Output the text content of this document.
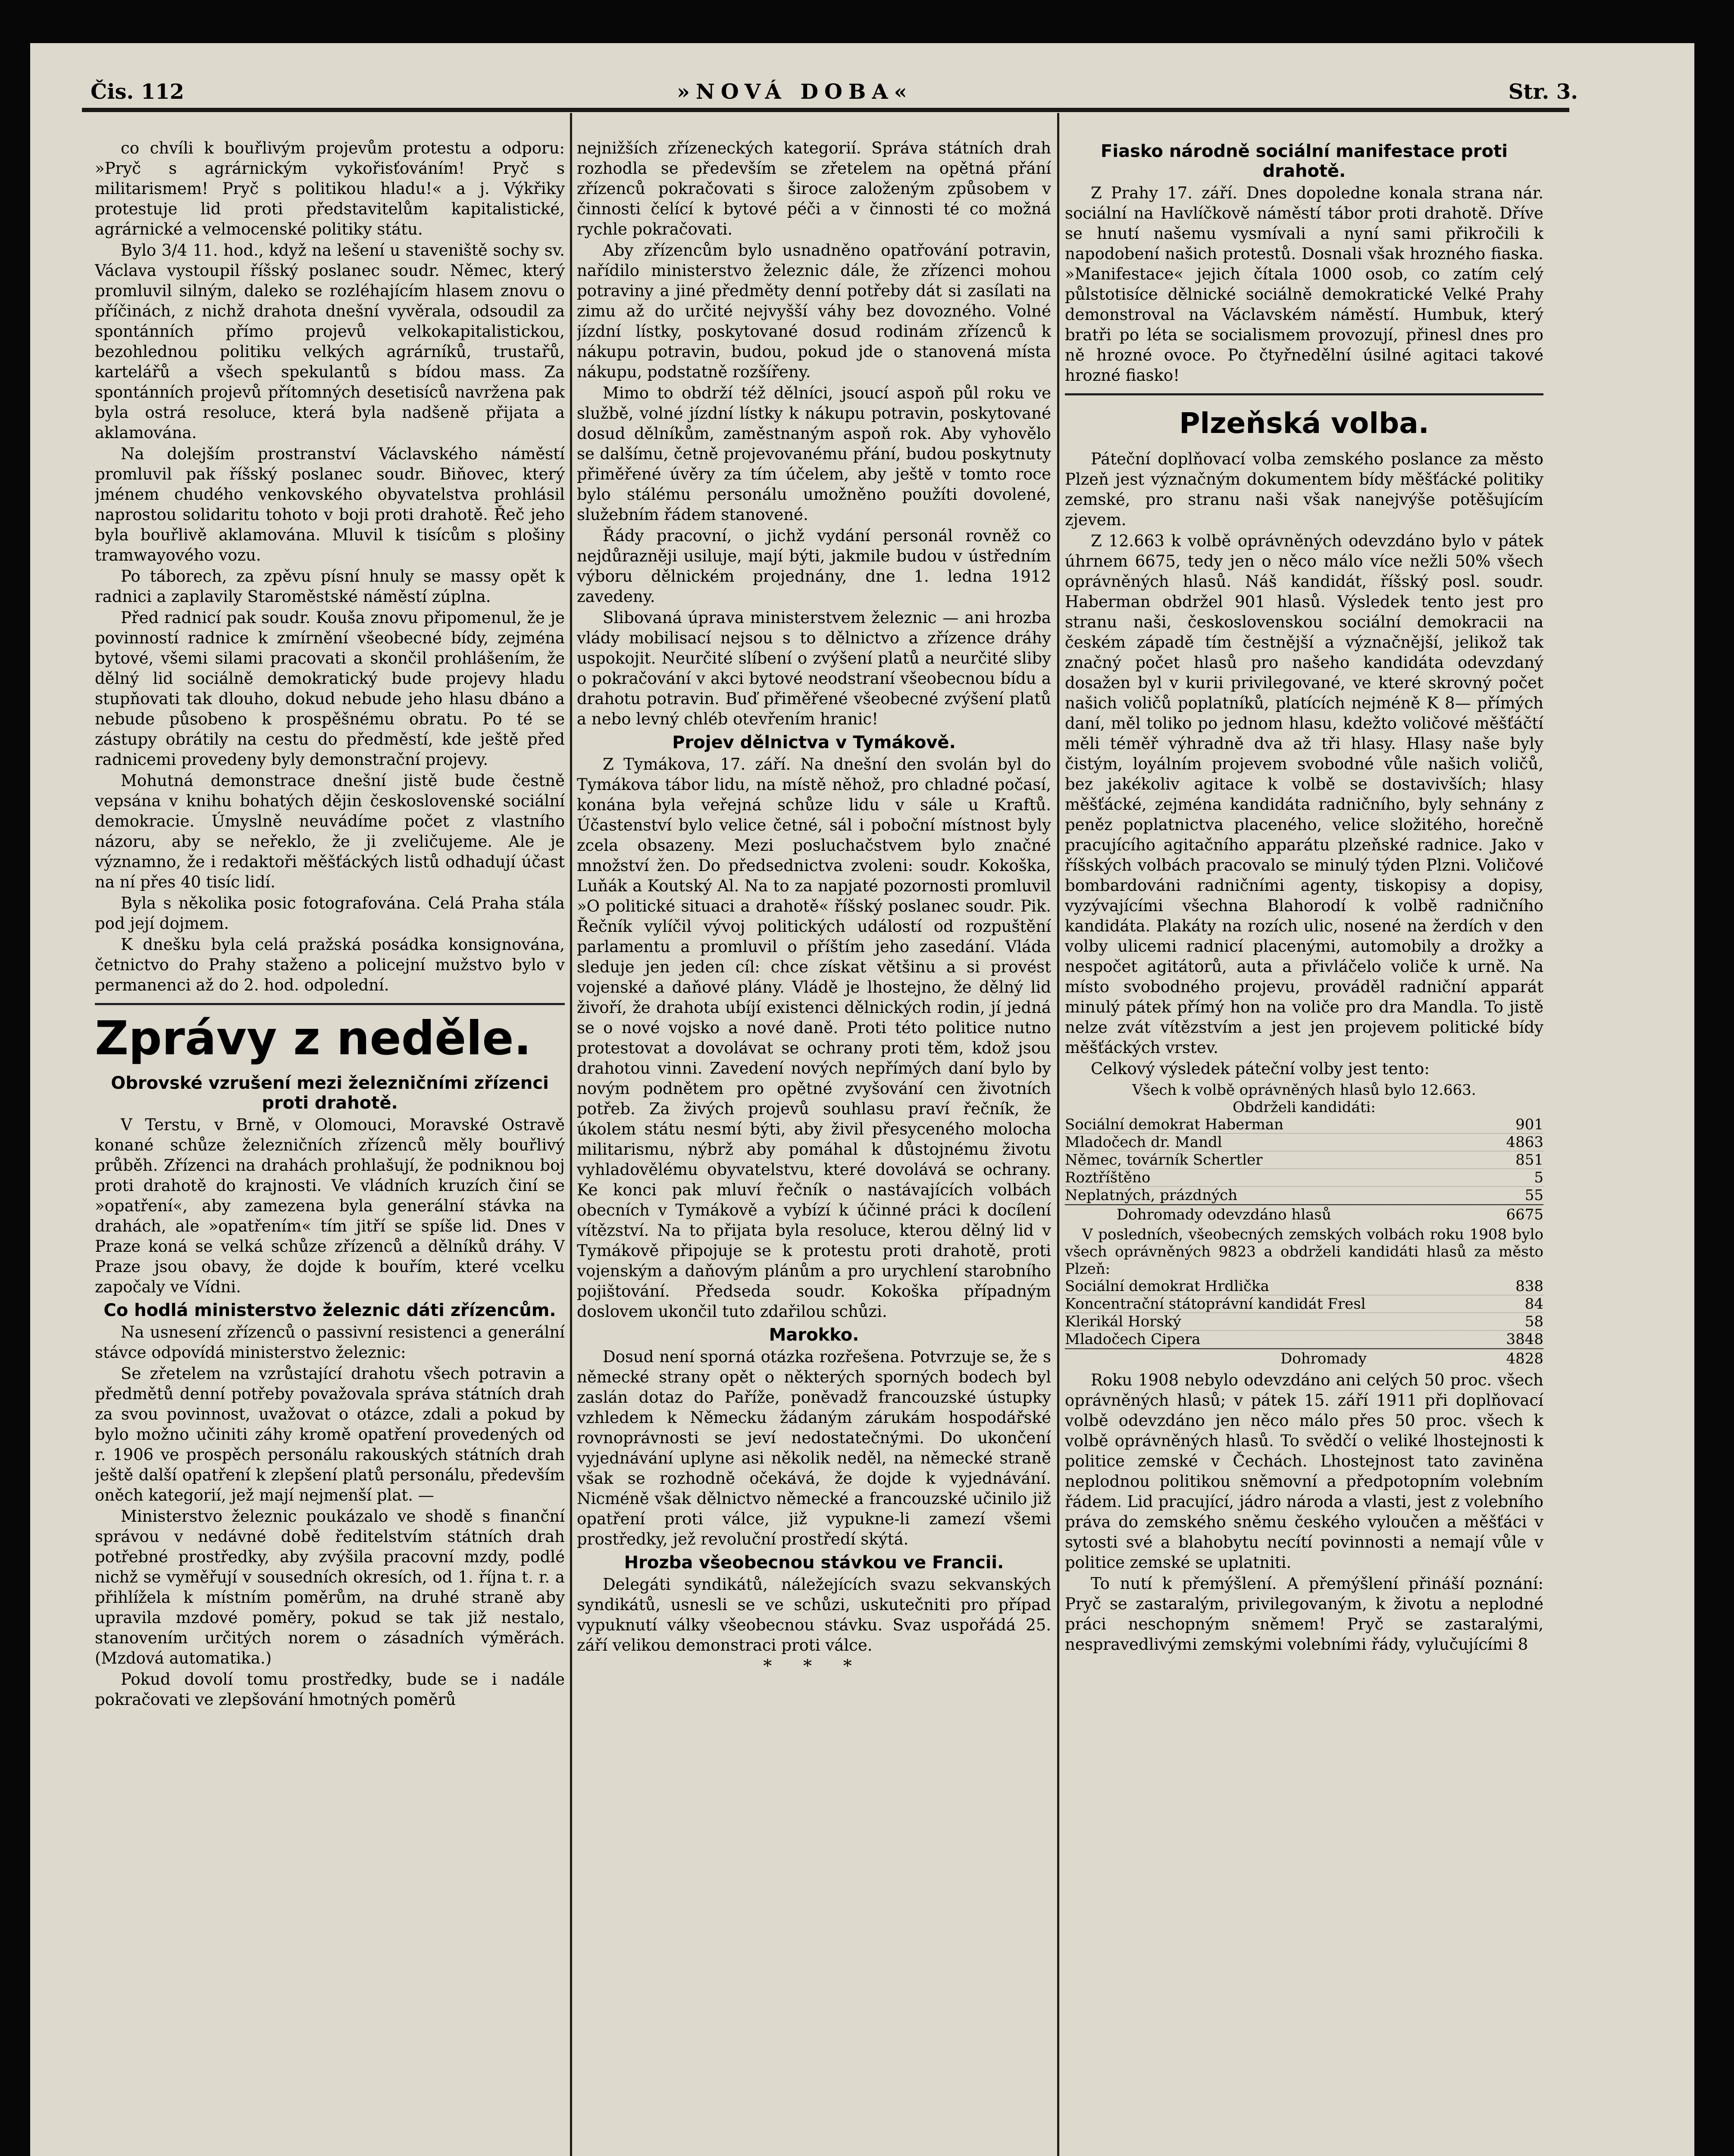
Čis. 112	»NOVÁ DOBA«	Str. 3.

co chvíli k bouřlivým projevům protestu a odporu: »Pryč s agrárnickým vykořisťováním! Pryč s militarismem! Pryč s politikou hladu!« a j. Výkřiky protestuje lid proti představitelům kapitalistické, agrárnické a velmocenské politiky státu.

Bylo 3/4 11. hod., když na lešení u staveniště sochy sv. Václava vystoupil říšský poslanec soudr. Němec, který promluvil silným, daleko se rozléhajícím hlasem znovu o příčinách, z nichž drahota dnešní vyvěrala, odsoudil za spontánních přímo projevů velkokapitalistickou, bezohlednou politiku velkých agrárníků, trustařů, kartelářů a všech spekulantů s bídou mass. Za spontánních projevů přítomných desetisíců navržena pak byla ostrá resoluce, která byla nadšeně přijata a aklamována.

Na dolejším prostranství Václavského náměstí promluvil pak říšský poslanec soudr. Biňovec, který jménem chudého venkovského obyvatelstva prohlásil naprostou solidaritu tohoto v boji proti drahotě. Řeč jeho byla bouřlivě aklamována. Mluvil k tisícům s plošiny tramwayového vozu.

Po táborech, za zpěvu písní hnuly se massy opět k radnici a zaplavily Staroměstské náměstí zúplna.

Před radnicí pak soudr. Kouša znovu připomenul, že je povinností radnice k zmírnění všeobecné bídy, zejména bytové, všemi silami pracovati a skončil prohlášením, že dělný lid sociálně demokratický bude projevy hladu stupňovati tak dlouho, dokud nebude jeho hlasu dbáno a nebude působeno k prospěšnému obratu. Po té se zástupy obrátily na cestu do předměstí, kde ještě před radnicemi provedeny byly demonstrační projevy.

Mohutná demonstrace dnešní jistě bude čestně vepsána v knihu bohatých dějin československé sociální demokracie. Úmyslně neuvádíme počet z vlastního názoru, aby se neřeklo, že ji zveličujeme. Ale je významno, že i redaktoři měšťáckých listů odhadují účast na ní přes 40 tisíc lidí.

Byla s několika posic fotografována. Celá Praha stála pod její dojmem.

K dnešku byla celá pražská posádka konsignována, četnictvo do Prahy staženo a policejní mužstvo bylo v permanenci až do 2. hod. odpolední.

Zprávy z neděle.
Obrovské vzrušení mezi železničními zřízenci proti drahotě.

V Terstu, v Brně, v Olomouci, Moravské Ostravě konané schůze železničních zřízenců měly bouřlivý průběh. Zřízenci na drahách prohlašují, že podniknou boj proti drahotě do krajnosti. Ve vládních kruzích činí se »opatření«, aby zamezena byla generální stávka na drahách, ale »opatřením« tím jitří se spíše lid. Dnes v Praze koná se velká schůze zřízenců a dělníků dráhy. V Praze jsou obavy, že dojde k bouřím, které vcelku započaly ve Vídni.

Co hodlá ministerstvo železnic dáti zřízencům.

Na usnesení zřízenců o passivní resistenci a generální stávce odpovídá ministerstvo železnic:

Se zřetelem na vzrůstající drahotu všech potravin a předmětů denní potřeby považovala správa státních drah za svou povinnost, uvažovat o otázce, zdali a pokud by bylo možno učiniti záhy kromě opatření provedených od r. 1906 ve prospěch personálu rakouských státních drah ještě další opatření k zlepšení platů personálu, především oněch kategorií, jež mají nejmenší plat. —

Ministerstvo železnic poukázalo ve shodě s finanční správou v nedávné době ředitelstvím státních drah potřebné prostředky, aby zvýšila pracovní mzdy, podlé nichž se vyměřují v sousedních okresích, od 1. října t. r. a přihlížela k místním poměrům, na druhé straně aby upravila mzdové poměry, pokud se tak již nestalo, stanovením určitých norem o zásadních výměrách. (Mzdová automatika.)

Pokud dovolí tomu prostředky, bude se i nadále pokračovati ve zlepšování hmotných poměrů

nejnižších zřízeneckých kategorií. Správa státních drah rozhodla se především se zřetelem na opětná přání zřízenců pokračovati s široce založeným způsobem v činnosti čelící k bytové péči a v činnosti té co možná rychle pokračovati.

Aby zřízencům bylo usnadněno opatřování potravin, nařídilo ministerstvo železnic dále, že zřízenci mohou potraviny a jiné předměty denní potřeby dát si zasílati na zimu až do určité nejvyšší váhy bez dovozného. Volné jízdní lístky, poskytované dosud rodinám zřízenců k nákupu potravin, budou, pokud jde o stanovená místa nákupu, podstatně rozšířeny.

Mimo to obdrží též dělníci, jsoucí aspoň půl roku ve službě, volné jízdní lístky k nákupu potravin, poskytované dosud dělníkům, zaměstnaným aspoň rok. Aby vyhovělo se dalšímu, četně projevovanému přání, budou poskytnuty přiměřené úvěry za tím účelem, aby ještě v tomto roce bylo stálému personálu umožněno použíti dovolené, služebním řádem stanovené.

Řády pracovní, o jichž vydání personál rovněž co nejdůrazněji usiluje, mají býti, jakmile budou v ústředním výboru dělnickém projednány, dne 1. ledna 1912 zavedeny.

Slibovaná úprava ministerstvem železnic — ani hrozba vlády mobilisací nejsou s to dělnictvo a zřízence dráhy uspokojit. Neurčité slíbení o zvýšení platů a neurčité sliby o pokračování v akci bytové neodstraní všeobecnou bídu a drahotu potravin. Buď přiměřené všeobecné zvýšení platů a nebo levný chléb otevřením hranic!

Projev dělnictva v Tymákově.

Z Tymákova, 17. září. Na dnešní den svolán byl do Tymákova tábor lidu, na místě něhož, pro chladné počasí, konána byla veřejná schůze lidu v sále u Kraftů. Účastenství bylo velice četné, sál i poboční místnost byly zcela obsazeny. Mezi posluchačstvem bylo značné množství žen. Do předsednictva zvoleni: soudr. Kokoška, Luňák a Koutský Al. Na to za napjaté pozornosti promluvil »O politické situaci a drahotě« říšský poslanec soudr. Pik. Řečník vylíčil vývoj politických událostí od rozpuštění parlamentu a promluvil o příštím jeho zasedání. Vláda sleduje jen jeden cíl: chce získat většinu a si provést vojenské a daňové plány. Vládě je lhostejno, že dělný lid živoří, že drahota ubíjí existenci dělnických rodin, jí jedná se o nové vojsko a nové daně. Proti této politice nutno protestovat a dovolávat se ochrany proti těm, kdož jsou drahotou vinni. Zavedení nových nepřímých daní bylo by novým podnětem pro opětné zvyšování cen životních potřeb. Za živých projevů souhlasu praví řečník, že úkolem státu nesmí býti, aby živil přesyceného molocha militarismu, nýbrž aby pomáhal k důstojnému životu vyhladovělému obyvatelstvu, které dovolává se ochrany. Ke konci pak mluví řečník o nastávajících volbách obecních v Tymákově a vybízí k účinné práci k docílení vítězství. Na to přijata byla resoluce, kterou dělný lid v Tymákově připojuje se k protestu proti drahotě, proti vojenským a daňovým plánům a pro urychlení starobního pojištování. Předseda soudr. Kokoška případným doslovem ukončil tuto zdařilou schůzi.

Marokko.

Dosud není sporná otázka rozřešena. Potvrzuje se, že s německé strany opět o některých sporných bodech byl zaslán dotaz do Paříže, poněvadž francouzské ústupky vzhledem k Německu žádaným zárukám hospodářské rovnoprávnosti se jeví nedostatečnými. Do ukončení vyjednávání uplyne asi několik neděl, na německé straně však se rozhodně očekává, že dojde k vyjednávání. Nicméně však dělnictvo německé a francouzské učinilo již opatření proti válce, již vypukne-li zamezí všemi prostředky, jež revoluční prostředí skýtá.

Hrozba všeobecnou stávkou ve Francii.

Delegáti syndikátů, náležejících svazu sekvanských syndikátů, usnesli se ve schůzi, uskutečniti pro případ vypuknutí války všeobecnou stávku. Svaz uspořádá 25. září velikou demonstraci proti válce.

* * *
Fiasko národně sociální manifestace proti drahotě.

Z Prahy 17. září. Dnes dopoledne konala strana nár. sociální na Havlíčkově náměstí tábor proti drahotě. Dříve se hnutí našemu vysmívali a nyní sami přikročili k napodobení našich protestů. Dosnali však hrozného fiaska. »Manifestace« jejich čítala 1000 osob, co zatím celý půlstotisíce dělnické sociálně demokratické Velké Prahy demonstroval na Václavském náměstí. Humbuk, který bratři po léta se socialismem provozují, přinesl dnes pro ně hrozné ovoce. Po čtyřnedělní úsilné agitaci takové hrozné fiasko!

Plzeňská volba.

Páteční doplňovací volba zemského poslance za město Plzeň jest význačným dokumentem bídy měšťácké politiky zemské, pro stranu naši však nanejvýše potěšujícím zjevem.

Z 12.663 k volbě oprávněných odevzdáno bylo v pátek úhrnem 6675, tedy jen o něco málo více nežli 50% všech oprávněných hlasů. Náš kandidát, říšský posl. soudr. Haberman obdržel 901 hlasů. Výsledek tento jest pro stranu naši, československou sociální demokracii na českém západě tím čestnější a význačnější, jelikož tak značný počet hlasů pro našeho kandidáta odevzdaný dosažen byl v kurii privilegované, ve které skrovný počet našich voličů poplatníků, platících nejméně K 8— přímých daní, měl toliko po jednom hlasu, kdežto voličové měšťáčtí měli téměř výhradně dva až tři hlasy. Hlasy naše byly čistým, loyálním projevem svobodné vůle našich voličů, bez jakékoliv agitace k volbě se dostavivších; hlasy měšťácké, zejména kandidáta radničního, byly sehnány z peněz poplatnictva placeného, velice složitého, horečně pracujícího agitačního apparátu plzeňské radnice. Jako v říšských volbách pracovalo se minulý týden Plzni. Voličové bombardováni radničními agenty, tiskopisy a dopisy, vyzývajícími všechna Blahorodí k volbě radničního kandidáta. Plakáty na rozích ulic, nosené na žerdích v den volby ulicemi radnicí placenými, automobily a drožky a nespočet agitátorů, auta a přivláčelo voliče k urně. Na místo svobodného projevu, prováděl radniční apparát minulý pátek přímý hon na voliče pro dra Mandla. To jistě nelze zvát vítězstvím a jest jen projevem politické bídy měšťáckých vrstev.

Celkový výsledek páteční volby jest tento:

Všech k volbě oprávněných hlasů bylo 12.663.
Obdrželi kandidáti:
Sociální demokrat Haberman	901
Mladočech dr. Mandl	4863
Němec, továrník Schertler	851
Roztříštěno	5
Neplatných, prázdných	55
Dohromady odevzdáno hlasů	6675
V posledních, všeobecných zemských volbách roku 1908 bylo všech oprávněných 9823 a obdrželi kandidáti hlasů za město Plzeň:
Sociální demokrat Hrdlička	838
Koncentrační státoprávní kandidát Fresl	84
Klerikál Horský	58
Mladočech Cipera	3848
Dohromady	4828

Roku 1908 nebylo odevzdáno ani celých 50 proc. všech oprávněných hlasů; v pátek 15. září 1911 při doplňovací volbě odevzdáno jen něco málo přes 50 proc. všech k volbě oprávněných hlasů. To svědčí o veliké lhostejnosti k politice zemské v Čechách. Lhostejnost tato zaviněna neplodnou politikou sněmovní a předpotopním volebním řádem. Lid pracující, jádro národa a vlasti, jest z volebního práva do zemského sněmu českého vyloučen a měšťáci v sytosti své a blahobytu necítí povinnosti a nemají vůle v politice zemské se uplatniti.

To nutí k přemýšlení. A přemýšlení přináší poznání: Pryč se zastaralým, privilegovaným, k životu a neplodné práci neschopným sněmem! Pryč se zastaralými, nespravedlivými zemskými volebními řády, vylučujícími 8
